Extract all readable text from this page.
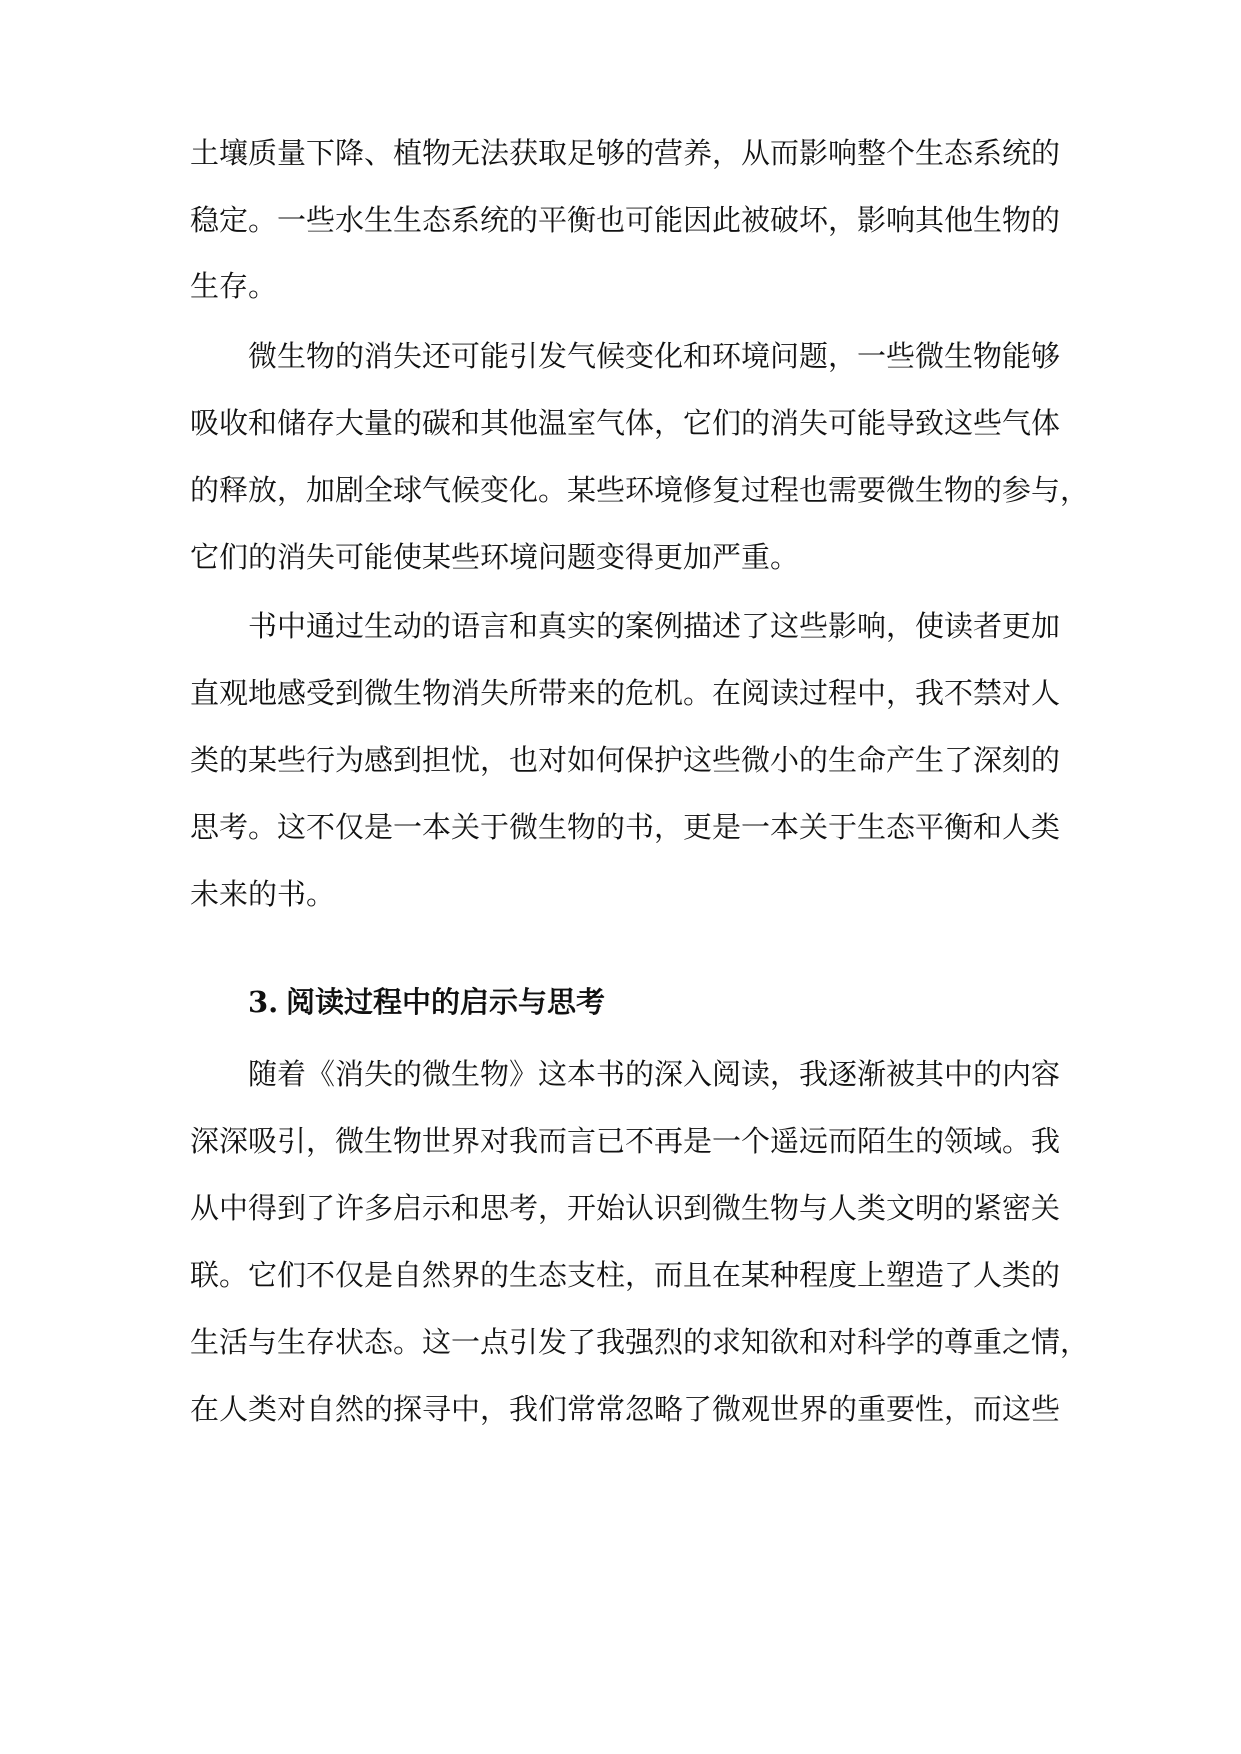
土壤质量下降、植物无法获取足够的营养，从而影响整个生态系统的
稳定。一些水生生态系统的平衡也可能因此被破坏，影响其他生物的
生存。
微生物的消失还可能引发气候变化和环境问题，一些微生物能够
吸收和储存大量的碳和其他温室气体，它们的消失可能导致这些气体
的释放，加剧全球气候变化。某些环境修复过程也需要微生物的参与，
它们的消失可能使某些环境问题变得更加严重。
书中通过生动的语言和真实的案例描述了这些影响，使读者更加
直观地感受到微生物消失所带来的危机。在阅读过程中，我不禁对人
类的某些行为感到担忧，也对如何保护这些微小的生命产生了深刻的
思考。这不仅是一本关于微生物的书，更是一本关于生态平衡和人类
未来的书。
3. 阅读过程中的启示与思考
随着《消失的微生物》这本书的深入阅读，我逐渐被其中的内容
深深吸引，微生物世界对我而言已不再是一个遥远而陌生的领域。我
从中得到了许多启示和思考，开始认识到微生物与人类文明的紧密关
联。它们不仅是自然界的生态支柱，而且在某种程度上塑造了人类的
生活与生存状态。这一点引发了我强烈的求知欲和对科学的尊重之情，
在人类对自然的探寻中，我们常常忽略了微观世界的重要性，而这些
